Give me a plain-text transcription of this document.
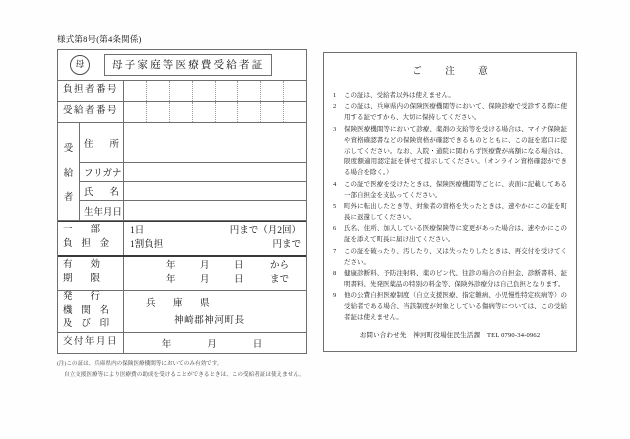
様式第8号(第4条関係)
母	母子家庭等医療費受給者証
負 担 者 番 号
受 給 者 番 号
受
給
者
住 所
フリガナ
氏 名
生年月日
一 部
負 担 金
1日	円まで（月2回）
1割負担	円まで
有 効
期 限
年	月	日	から
年	月	日	まで
発 行
機 関 名
及 び 印
兵　庫　県
神崎郡神河町長
交 付 年 月 日	年	月	日
(注)この証は、兵庫県内の保険医療機関等においてのみ有効です。
自立支援医療等により医療費の助成を受けることができるときは、この受給者証は使えません。
ご　注　意
1	この証は、受給者以外は使えません。
2	この証は、兵庫県内の保険医療機関等において、保険診療で受診する際に使用する証ですから、大切に保持してください。
3	保険医療機関等において診療、薬剤の支給等を受ける場合は、マイナ保険証や資格確認書などの保険資格が確認できるものとともに、この証を窓口に提示してください。なお、入院・通院に関わらず医療費が高額になる場合は、限度額適用認定証を併せて提示してください。（オンライン資格確認ができる場合を除く。）
4	この証で医療を受けたときは、保険医療機関等ごとに、表面に記載してある一部自担金を支払ってください。
5	町外に転出したとき等、対象者の資格を失ったときは、速やかにこの証を町長に返還してください。
6	氏名、住所、加入している医療保険等に変更があった場合は、速やかにこの証を添えて町長に届け出てください。
7	この証を破ったり、汚したり、又は失ったりしたときは、再交付を受けてください。
8	健康診断料、予防注射料、薬のビン代、往診の場合の自担金、診断書料、証明書料、先発医薬品の特別の料金等、保険外診療分は自己負担となります。
9	他の公費自担医療制度（自立支援医療、指定難病、小児慢性特定疾病等）の受給者である場合、当該制度が対象としている傷病等については、この受給者証は使えません。
お問い合わせ先　神河町役場住民生活課　TEL 0790-34-0962
